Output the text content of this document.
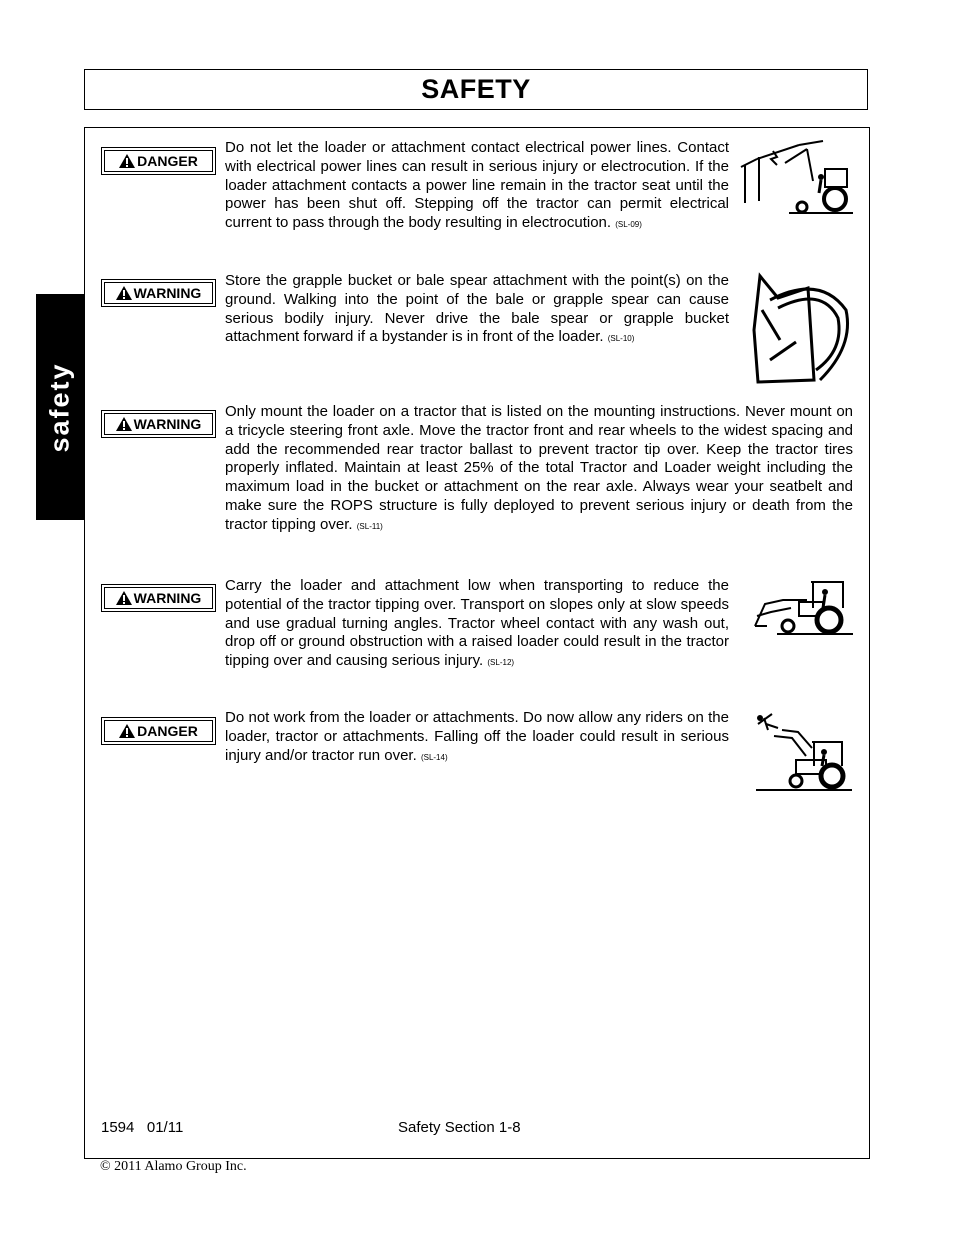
SAFETY
safety
DANGER

Do not let the loader or attachment contact electrical power lines. Contact with electrical power lines can result in serious injury or electrocution. If the loader attachment contacts a power line remain in the tractor seat until the power has been shut off. Stepping off the tractor can permit electrical current to pass through the body resulting in electrocution. (SL-09)

WARNING

Store the grapple bucket or bale spear attachment with the point(s) on the ground. Walking into the point of the bale or grapple spear can cause serious bodily injury. Never drive the bale spear or grapple bucket attachment forward if a bystander is in front of the loader. (SL-10)

WARNING

Only mount the loader on a tractor that is listed on the mounting instructions. Never mount on a tricycle steering front axle. Move the tractor front and rear wheels to the widest spacing and add the recommended rear tractor ballast to prevent tractor tip over. Keep the tractor tires properly inflated. Maintain at least 25% of the total Tractor and Loader weight including the maximum load in the bucket or attachment on the rear axle. Always wear your seatbelt and make sure the ROPS structure is fully deployed to prevent serious injury or death from the tractor tipping over. (SL-11)

WARNING

Carry the loader and attachment low when transporting to reduce the potential of the tractor tipping over. Transport on slopes only at slow speeds and use gradual turning angles. Tractor wheel contact with any wash out, drop off or ground obstruction with a raised loader could result in the tractor tipping over and causing serious injury. (SL-12)

DANGER

Do not work from the loader or attachments. Do now allow any riders on the loader, tractor or attachments. Falling off the loader could result in serious injury and/or tractor run over. (SL-14)

1594   01/11	Safety Section 1-8
© 2011 Alamo Group Inc.
